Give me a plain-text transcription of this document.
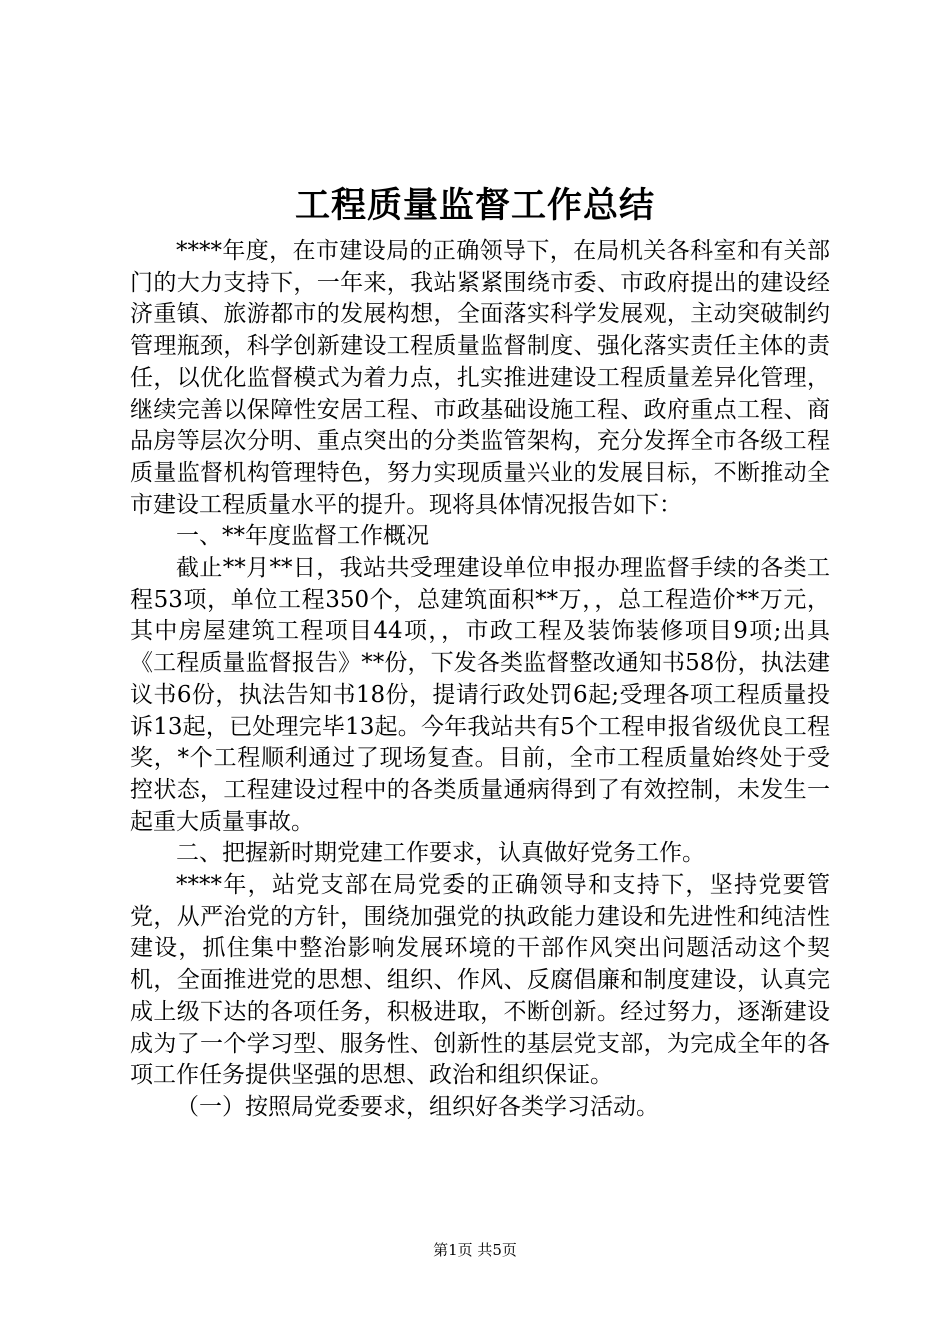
工程质量监督工作总结

****年度，在市建设局的正确领导下，在局机关各科室和有关部门的大力支持下，一年来，我站紧紧围绕市委、市政府提出的建设经济重镇、旅游都市的发展构想，全面落实科学发展观，主动突破制约管理瓶颈，科学创新建设工程质量监督制度、强化落实责任主体的责任，以优化监督模式为着力点，扎实推进建设工程质量差异化管理，继续完善以保障性安居工程、市政基础设施工程、政府重点工程、商品房等层次分明、重点突出的分类监管架构，充分发挥全市各级工程质量监督机构管理特色，努力实现质量兴业的发展目标，不断推动全市建设工程质量水平的提升。现将具体情况报告如下：

一、**年度监督工作概况

截止**月**日，我站共受理建设单位申报办理监督手续的各类工程53项，单位工程350个，总建筑面积**万，，总工程造价**万元，其中房屋建筑工程项目44项，，市政工程及装饰装修项目9项;出具《工程质量监督报告》**份，下发各类监督整改通知书58份，执法建议书6份，执法告知书18份，提请行政处罚6起;受理各项工程质量投诉13起，已处理完毕13起。今年我站共有5个工程申报省级优良工程奖，*个工程顺利通过了现场复查。目前，全市工程质量始终处于受控状态，工程建设过程中的各类质量通病得到了有效控制，未发生一起重大质量事故。

二、把握新时期党建工作要求，认真做好党务工作。

****年，站党支部在局党委的正确领导和支持下，坚持党要管党，从严治党的方针，围绕加强党的执政能力建设和先进性和纯洁性建设，抓住集中整治影响发展环境的干部作风突出问题活动这个契机，全面推进党的思想、组织、作风、反腐倡廉和制度建设，认真完成上级下达的各项任务，积极进取，不断创新。经过努力，逐渐建设成为了一个学习型、服务性、创新性的基层党支部，为完成全年的各项工作任务提供坚强的思想、政治和组织保证。

（一）按照局党委要求，组织好各类学习活动。

第1页 共5页
